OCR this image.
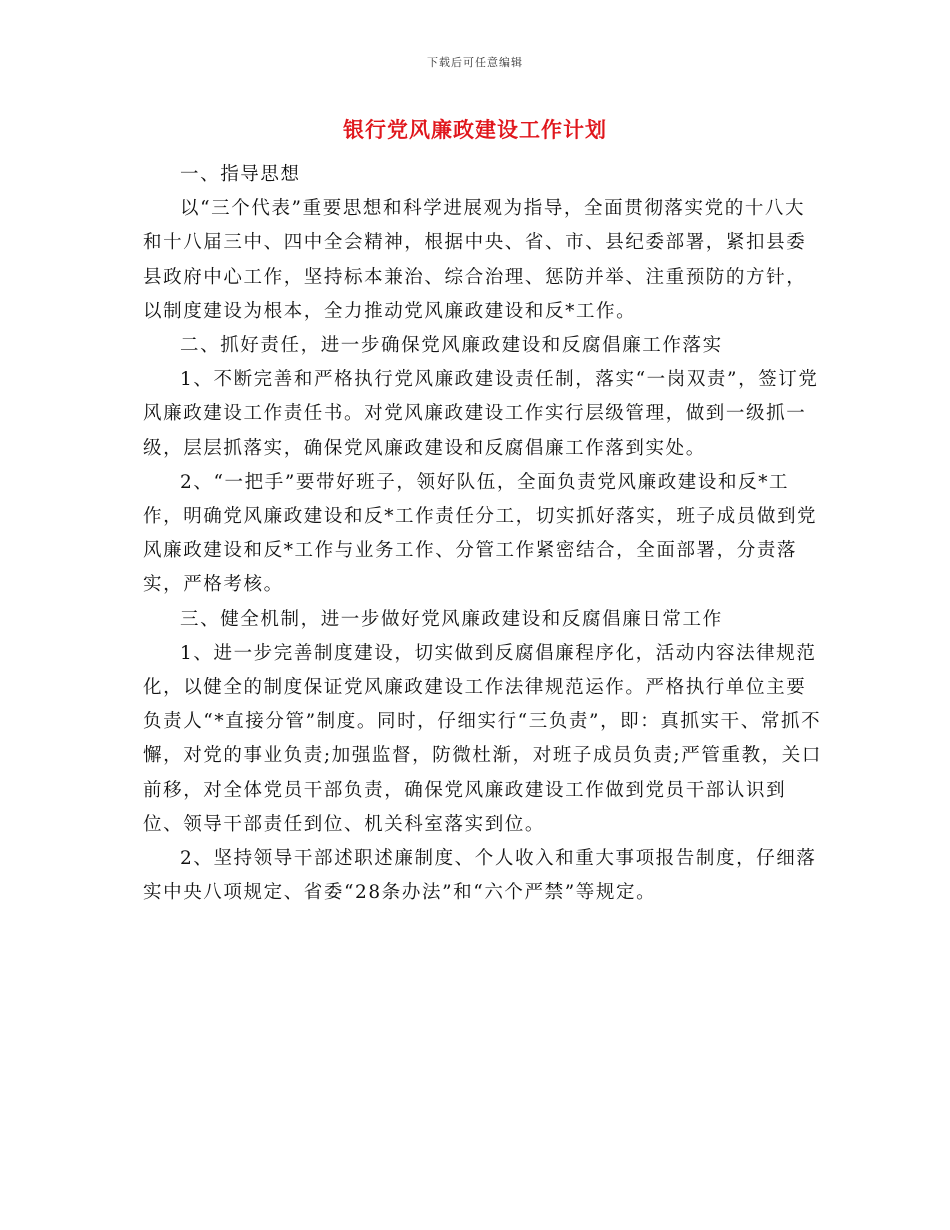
下载后可任意编辑
银行党风廉政建设工作计划

一、指导思想

以“三个代表”重要思想和科学进展观为指导，全面贯彻落实党的十八大和十八届三中、四中全会精神，根据中央、省、市、县纪委部署，紧扣县委县政府中心工作，坚持标本兼治、综合治理、惩防并举、注重预防的方针，以制度建设为根本，全力推动党风廉政建设和反*工作。

二、抓好责任，进一步确保党风廉政建设和反腐倡廉工作落实

1、不断完善和严格执行党风廉政建设责任制，落实“一岗双责”，签订党风廉政建设工作责任书。对党风廉政建设工作实行层级管理，做到一级抓一级，层层抓落实，确保党风廉政建设和反腐倡廉工作落到实处。

2、“一把手”要带好班子，领好队伍，全面负责党风廉政建设和反*工作，明确党风廉政建设和反*工作责任分工，切实抓好落实，班子成员做到党风廉政建设和反*工作与业务工作、分管工作紧密结合，全面部署，分责落实，严格考核。

三、健全机制，进一步做好党风廉政建设和反腐倡廉日常工作

1、进一步完善制度建设，切实做到反腐倡廉程序化，活动内容法律规范化，以健全的制度保证党风廉政建设工作法律规范运作。严格执行单位主要负责人“*直接分管”制度。同时，仔细实行“三负责”，即：真抓实干、常抓不懈，对党的事业负责;加强监督，防微杜渐，对班子成员负责;严管重教，关口前移，对全体党员干部负责，确保党风廉政建设工作做到党员干部认识到位、领导干部责任到位、机关科室落实到位。

2、坚持领导干部述职述廉制度、个人收入和重大事项报告制度，仔细落实中央八项规定、省委“28条办法”和“六个严禁”等规定。
